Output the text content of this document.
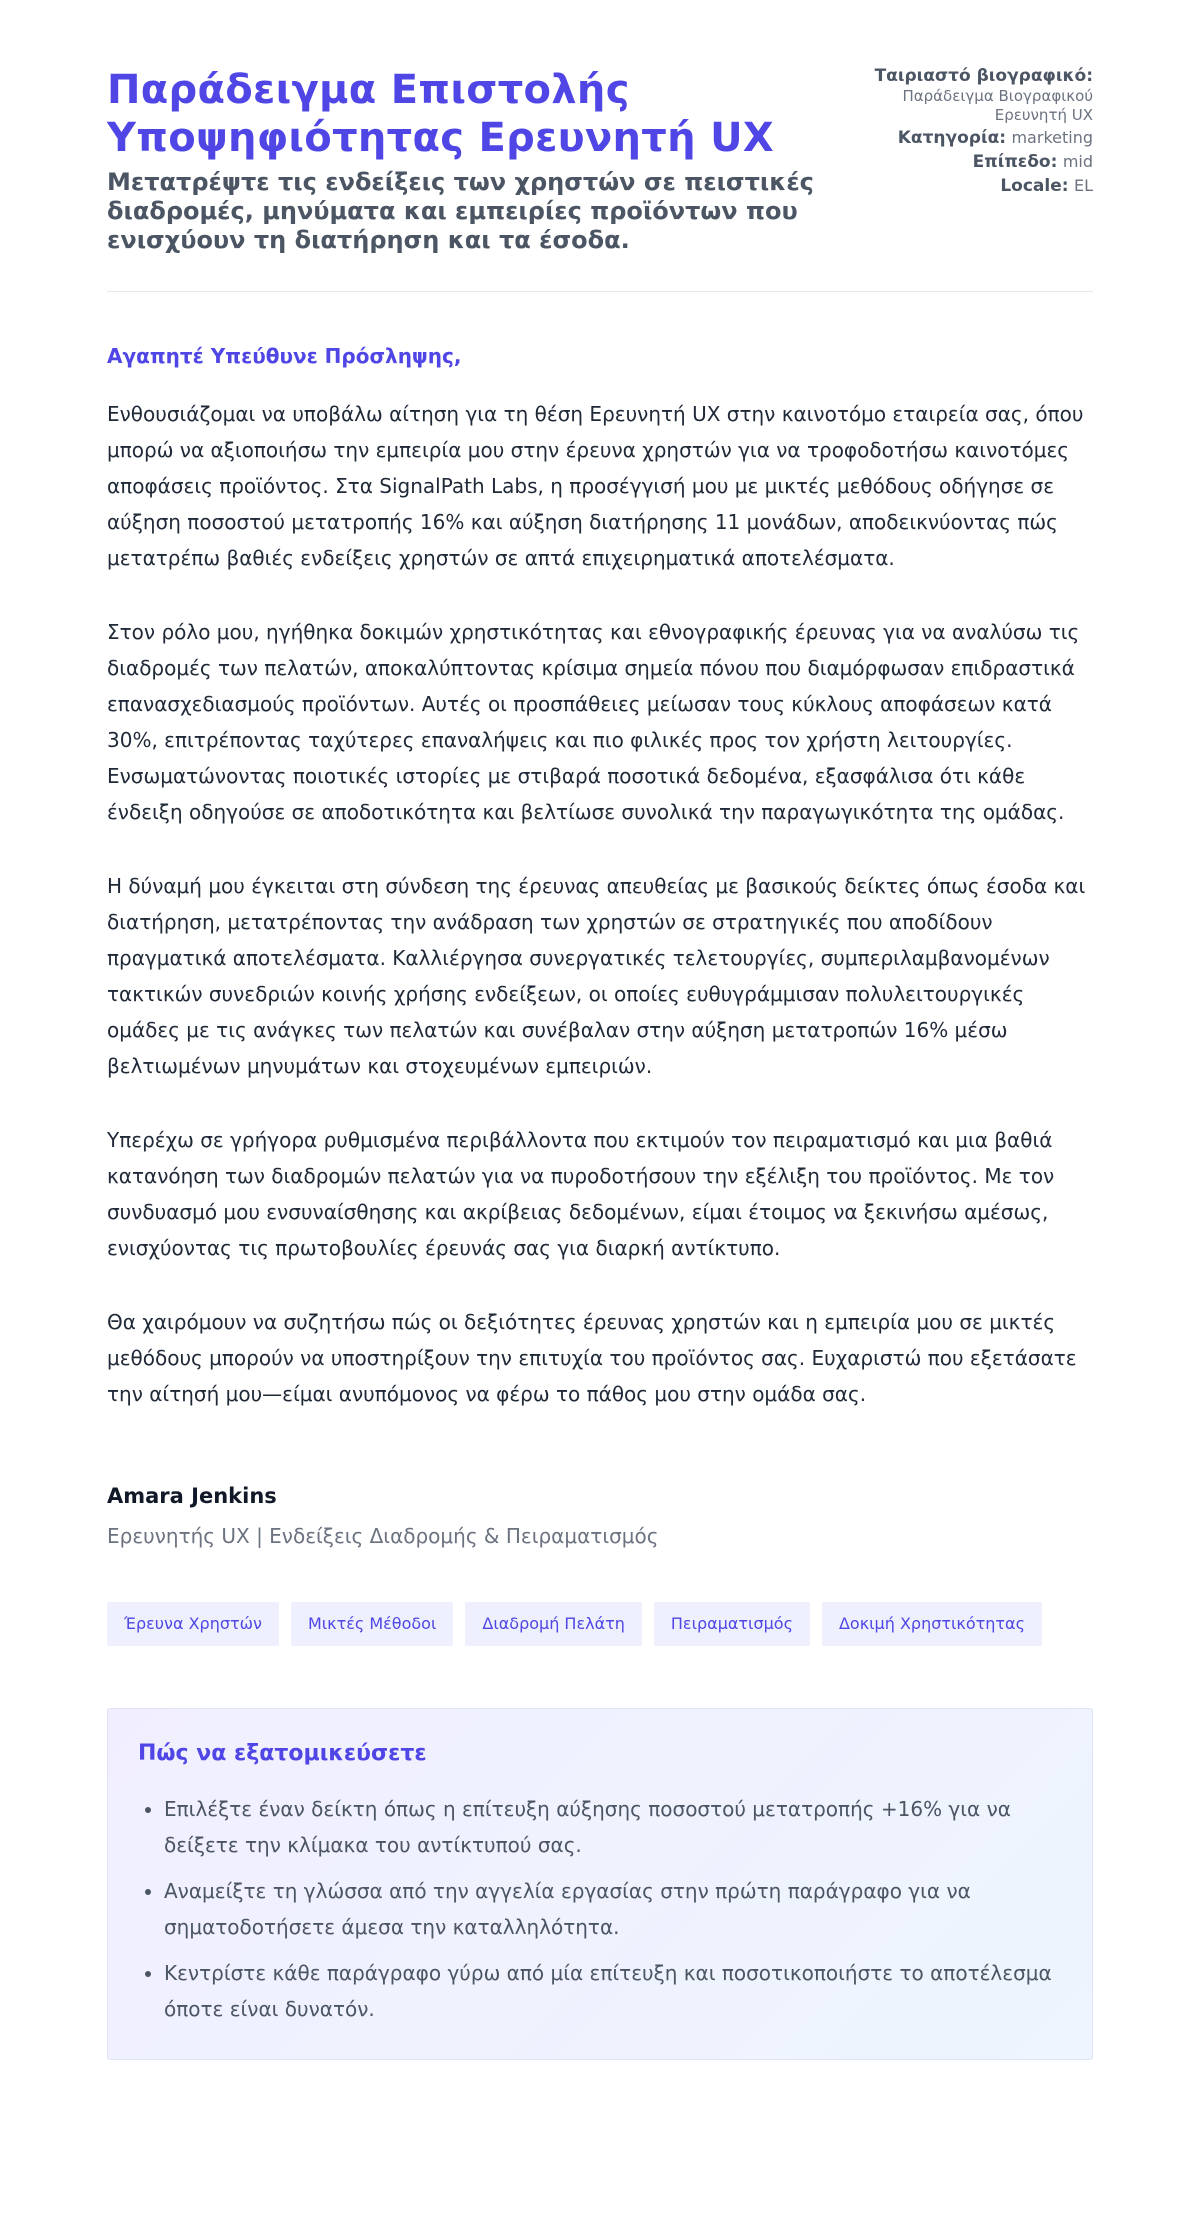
Παράδειγμα Επιστολής Υποψηφιότητας Ερευνητή UX

Μετατρέψτε τις ενδείξεις των χρηστών σε πειστικές διαδρομές, μηνύματα και εμπειρίες προϊόντων που ενισχύουν τη διατήρηση και τα έσοδα.

Ταιριαστό βιογραφικό:
Παράδειγμα Βιογραφικού Ερευνητή UX
Κατηγορία: marketing
Επίπεδο: mid
Locale: EL

Αγαπητέ Υπεύθυνε Πρόσληψης,

Ενθουσιάζομαι να υποβάλω αίτηση για τη θέση Ερευνητή UX στην καινοτόμο εταιρεία σας, όπου μπορώ να αξιοποιήσω την εμπειρία μου στην έρευνα χρηστών για να τροφοδοτήσω καινοτόμες αποφάσεις προϊόντος. Στα SignalPath Labs, η προσέγγισή μου με μικτές μεθόδους οδήγησε σε αύξηση ποσοστού μετατροπής 16% και αύξηση διατήρησης 11 μονάδων, αποδεικνύοντας πώς μετατρέπω βαθιές ενδείξεις χρηστών σε απτά επιχειρηματικά αποτελέσματα.

Στον ρόλο μου, ηγήθηκα δοκιμών χρηστικότητας και εθνογραφικής έρευνας για να αναλύσω τις διαδρομές των πελατών, αποκαλύπτοντας κρίσιμα σημεία πόνου που διαμόρφωσαν επιδραστικά επανασχεδιασμούς προϊόντων. Αυτές οι προσπάθειες μείωσαν τους κύκλους αποφάσεων κατά 30%, επιτρέποντας ταχύτερες επαναλήψεις και πιο φιλικές προς τον χρήστη λειτουργίες. Ενσωματώνοντας ποιοτικές ιστορίες με στιβαρά ποσοτικά δεδομένα, εξασφάλισα ότι κάθε ένδειξη οδηγούσε σε αποδοτικότητα και βελτίωσε συνολικά την παραγωγικότητα της ομάδας.

Η δύναμή μου έγκειται στη σύνδεση της έρευνας απευθείας με βασικούς δείκτες όπως έσοδα και διατήρηση, μετατρέποντας την ανάδραση των χρηστών σε στρατηγικές που αποδίδουν πραγματικά αποτελέσματα. Καλλιέργησα συνεργατικές τελετουργίες, συμπεριλαμβανομένων τακτικών συνεδριών κοινής χρήσης ενδείξεων, οι οποίες ευθυγράμμισαν πολυλειτουργικές ομάδες με τις ανάγκες των πελατών και συνέβαλαν στην αύξηση μετατροπών 16% μέσω βελτιωμένων μηνυμάτων και στοχευμένων εμπειριών.

Υπερέχω σε γρήγορα ρυθμισμένα περιβάλλοντα που εκτιμούν τον πειραματισμό και μια βαθιά κατανόηση των διαδρομών πελατών για να πυροδοτήσουν την εξέλιξη του προϊόντος. Με τον συνδυασμό μου ενσυναίσθησης και ακρίβειας δεδομένων, είμαι έτοιμος να ξεκινήσω αμέσως, ενισχύοντας τις πρωτοβουλίες έρευνάς σας για διαρκή αντίκτυπο.

Θα χαιρόμουν να συζητήσω πώς οι δεξιότητες έρευνας χρηστών και η εμπειρία μου σε μικτές μεθόδους μπορούν να υποστηρίξουν την επιτυχία του προϊόντος σας. Ευχαριστώ που εξετάσατε την αίτησή μου—είμαι ανυπόμονος να φέρω το πάθος μου στην ομάδα σας.

Amara Jenkins
Ερευνητής UX | Ενδείξεις Διαδρομής & Πειραματισμός
Έρευνα Χρηστών	Μικτές Μέθοδοι	Διαδρομή Πελάτη	Πειραματισμός	Δοκιμή Χρηστικότητας
Πώς να εξατομικεύσετε
• Επιλέξτε έναν δείκτη όπως η επίτευξη αύξησης ποσοστού μετατροπής +16% για να δείξετε την κλίμακα του αντίκτυπού σας.
• Αναμείξτε τη γλώσσα από την αγγελία εργασίας στην πρώτη παράγραφο για να σηματοδοτήσετε άμεσα την καταλληλότητα.
• Κεντρίστε κάθε παράγραφο γύρω από μία επίτευξη και ποσοτικοποιήστε το αποτέλεσμα όποτε είναι δυνατόν.
